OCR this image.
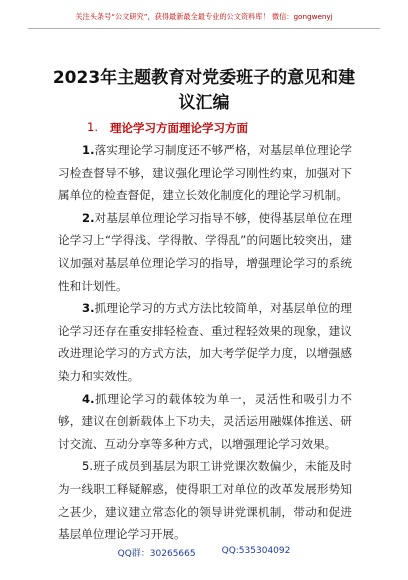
关注头条号“公文研究”，获得最新最全最专业的公文资料库！ 微信：gongwenyj
2023年主题教育对党委班子的意见和建议汇编
1. 理论学习方面理论学习方面

1.落实理论学习制度还不够严格，对基层单位理论学习检查督导不够，建议强化理论学习刚性约束，加强对下属单位的检查督促，建立长效化制度化的理论学习机制。

2.对基层单位理论学习指导不够，使得基层单位在理论学习上“学得浅、学得散、学得乱”的问题比较突出，建议加强对基层单位理论学习的指导，增强理论学习的系统性和计划性。

3.抓理论学习的方式方法比较简单，对基层单位的理论学习还存在重安排轻检查、重过程轻效果的现象，建议改进理论学习的方式方法，加大考学促学力度，以增强感染力和实效性。

4.抓理论学习的载体较为单一，灵活性和吸引力不够，建议在创新载体上下功夫，灵活运用融媒体推送、研讨交流、互动分享等多种方式，以增强理论学习效果。

5.班子成员到基层为职工讲党课次数偏少，未能及时为一线职工释疑解惑，使得职工对单位的改革发展形势知之甚少，建议建立常态化的领导讲党课机制，带动和促进基层单位理论学习开展。

QQ群：30265665	QQ:535304092
